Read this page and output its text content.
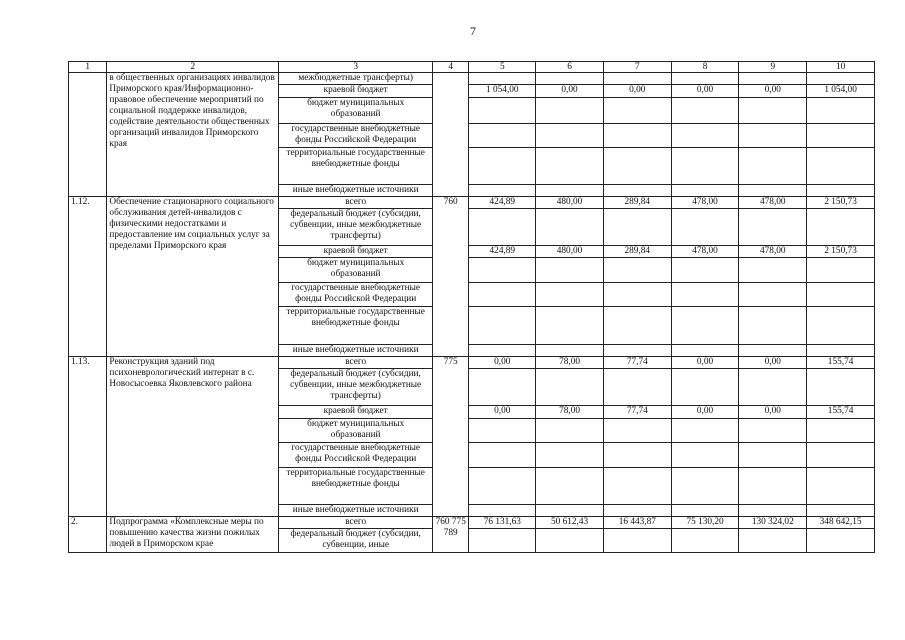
7
1	2	3	4	5	6	7	8	9	10
	в общественных организациях инвалидов Приморского края/Информационно-правовое обеспечение мероприятий по социальной поддержке инвалидов, содействие деятельности общественных организаций инвалидов Приморского края	межбюджетные трансферты)							
		краевой бюджет		1 054,00	0,00	0,00	0,00	0,00	1 054,00
		бюджет муниципальных образований							
		государственные внебюджетные фонды Российской Федерации							
		территориальные государственные внебюджетные фонды							
		иные внебюджетные источники							
1.12.	Обеспечение стационарного социального обслуживания детей-инвалидов с физическими недостатками и предоставление им социальных услуг за пределами Приморского края	всего	760	424,89	480,00	289,84	478,00	478,00	2 150,73
		федеральный бюджет (субсидии, субвенции, иные межбюджетные трансферты)							
		краевой бюджет		424,89	480,00	289,84	478,00	478,00	2 150,73
		бюджет муниципальных образований							
		государственные внебюджетные фонды Российской Федерации							
		территориальные государственные внебюджетные фонды							
		иные внебюджетные источники							
1.13.	Реконструкция зданий под психоневрологический интернат в с. Новосысоевка Яковлевского района	всего	775	0,00	78,00	77,74	0,00	0,00	155,74
		федеральный бюджет (субсидии, субвенции, иные межбюджетные трансферты)							
		краевой бюджет		0,00	78,00	77,74	0,00	0,00	155,74
		бюджет муниципальных образований							
		государственные внебюджетные фонды Российской Федерации							
		территориальные государственные внебюджетные фонды							
		иные внебюджетные источники							
2.	Подпрограмма «Комплексные меры по повышению качества жизни пожилых людей в Приморском крае	всего	760 775 789	76 131,63	50 612,43	16 443,87	75 130,20	130 324,02	348 642,15
		федеральный бюджет (субсидии, субвенции, иные							
